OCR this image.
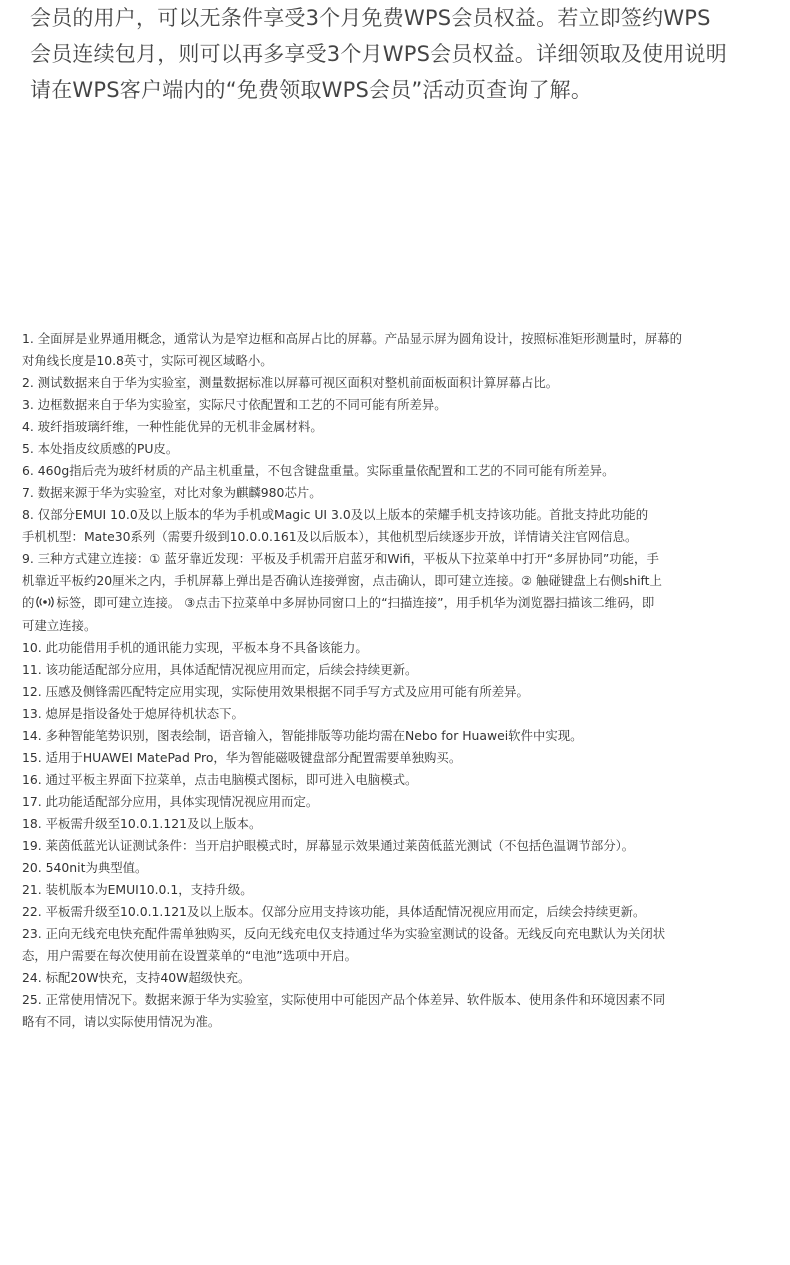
会员的用户，可以无条件享受3个月免费WPS会员权益。若立即签约WPS
会员连续包月，则可以再多享受3个月WPS会员权益。详细领取及使用说明
请在WPS客户端内的“免费领取WPS会员”活动页查询了解。
1. 全面屏是业界通用概念，通常认为是窄边框和高屏占比的屏幕。产品显示屏为圆角设计，按照标准矩形测量时，屏幕的
对角线长度是10.8英寸，实际可视区域略小。
2. 测试数据来自于华为实验室，测量数据标准以屏幕可视区面积对整机前面板面积计算屏幕占比。
3. 边框数据来自于华为实验室，实际尺寸依配置和工艺的不同可能有所差异。
4. 玻纤指玻璃纤维，一种性能优异的无机非金属材料。
5. 本处指皮纹质感的PU皮。
6. 460g指后壳为玻纤材质的产品主机重量，不包含键盘重量。实际重量依配置和工艺的不同可能有所差异。
7. 数据来源于华为实验室，对比对象为麒麟980芯片。
8. 仅部分EMUI 10.0及以上版本的华为手机或Magic UI 3.0及以上版本的荣耀手机支持该功能。首批支持此功能的
手机机型：Mate30系列（需要升级到10.0.0.161及以后版本），其他机型后续逐步开放，详情请关注官网信息。
9. 三种方式建立连接：① 蓝牙靠近发现：平板及手机需开启蓝牙和Wifi，平板从下拉菜单中打开“多屏协同”功能，手
机靠近平板约20厘米之内，手机屏幕上弹出是否确认连接弹窗，点击确认，即可建立连接。② 触碰键盘上右侧shift上
的 标签，即可建立连接。 ③点击下拉菜单中多屏协同窗口上的“扫描连接”，用手机华为浏览器扫描该二维码，即
可建立连接。
10. 此功能借用手机的通讯能力实现，平板本身不具备该能力。
11. 该功能适配部分应用，具体适配情况视应用而定，后续会持续更新。
12. 压感及侧锋需匹配特定应用实现，实际使用效果根据不同手写方式及应用可能有所差异。
13. 熄屏是指设备处于熄屏待机状态下。
14. 多种智能笔势识别，图表绘制，语音输入，智能排版等功能均需在Nebo for Huawei软件中实现。
15. 适用于HUAWEI MatePad Pro，华为智能磁吸键盘部分配置需要单独购买。
16. 通过平板主界面下拉菜单，点击电脑模式图标，即可进入电脑模式。
17. 此功能适配部分应用，具体实现情况视应用而定。
18. 平板需升级至10.0.1.121及以上版本。
19. 莱茵低蓝光认证测试条件：当开启护眼模式时，屏幕显示效果通过莱茵低蓝光测试（不包括色温调节部分）。
20. 540nit为典型值。
21. 装机版本为EMUI10.0.1，支持升级。
22. 平板需升级至10.0.1.121及以上版本。仅部分应用支持该功能，具体适配情况视应用而定，后续会持续更新。
23. 正向无线充电快充配件需单独购买，反向无线充电仅支持通过华为实验室测试的设备。无线反向充电默认为关闭状
态，用户需要在每次使用前在设置菜单的“电池”选项中开启。
24. 标配20W快充，支持40W超级快充。
25. 正常使用情况下。数据来源于华为实验室，实际使用中可能因产品个体差异、软件版本、使用条件和环境因素不同
略有不同，请以实际使用情况为准。
